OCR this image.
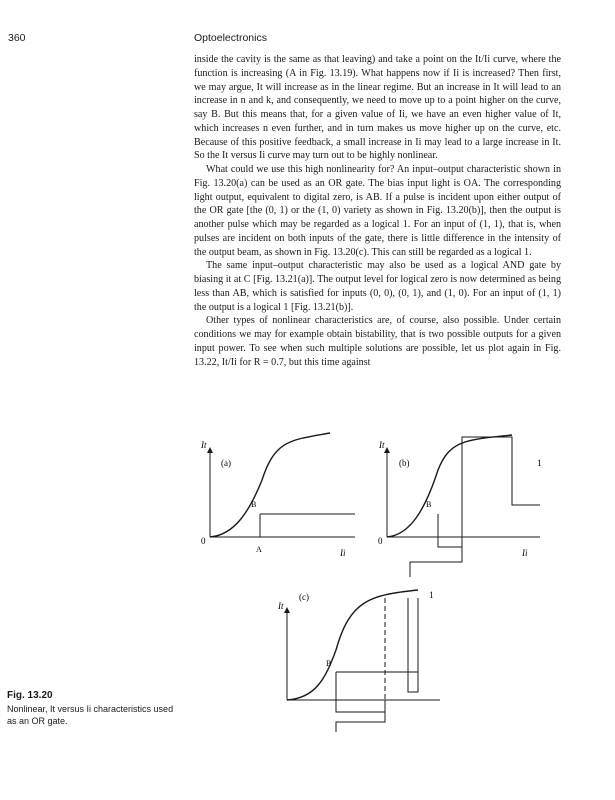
360	Optoelectronics

inside the cavity is the same as that leaving) and take a point on the It/Ii curve, where the function is increasing (A in Fig. 13.19). What happens now if Ii is increased? Then first, we may argue, It will increase as in the linear regime. But an increase in It will lead to an increase in n and k, and consequently, we need to move up to a point higher on the curve, say B. But this means that, for a given value of Ii, we have an even higher value of It, which increases n even further, and in turn makes us move higher up on the curve, etc. Because of this positive feedback, a small increase in Ii may lead to a large increase in It. So the It versus Ii curve may turn out to be highly nonlinear.

What could we use this high nonlinearity for? An input–output characteristic shown in Fig. 13.20(a) can be used as an OR gate. The bias input light is OA. The corresponding light output, equivalent to digital zero, is AB. If a pulse is incident upon either output of the OR gate [the (0, 1) or the (1, 0) variety as shown in Fig. 13.20(b)], then the output is another pulse which may be regarded as a logical 1. For an input of (1, 1), that is, when pulses are incident on both inputs of the gate, there is little difference in the intensity of the output beam, as shown in Fig. 13.20(c). This can still be regarded as a logical 1.

The same input–output characteristic may also be used as a logical AND gate by biasing it at C [Fig. 13.21(a)]. The output level for logical zero is now determined as being less than AB, which is satisfied for inputs (0, 0), (0, 1), and (1, 0). For an input of (1, 1) the output is a logical 1 [Fig. 13.21(b)].

Other types of nonlinear characteristics are, of course, also possible. Under certain conditions we may for example obtain bistability, that is two possible outputs for a given input power. To see when such multiple solutions are possible, let us plot again in Fig. 13.22, It/Ii for R = 0.7, but this time against

(a)
It
0
B
A	Ii
(b)
It
0
B
1
Ii
(c)
It
B
1
Fig. 13.20
Nonlinear, It versus Ii characteristics used as an OR gate.
